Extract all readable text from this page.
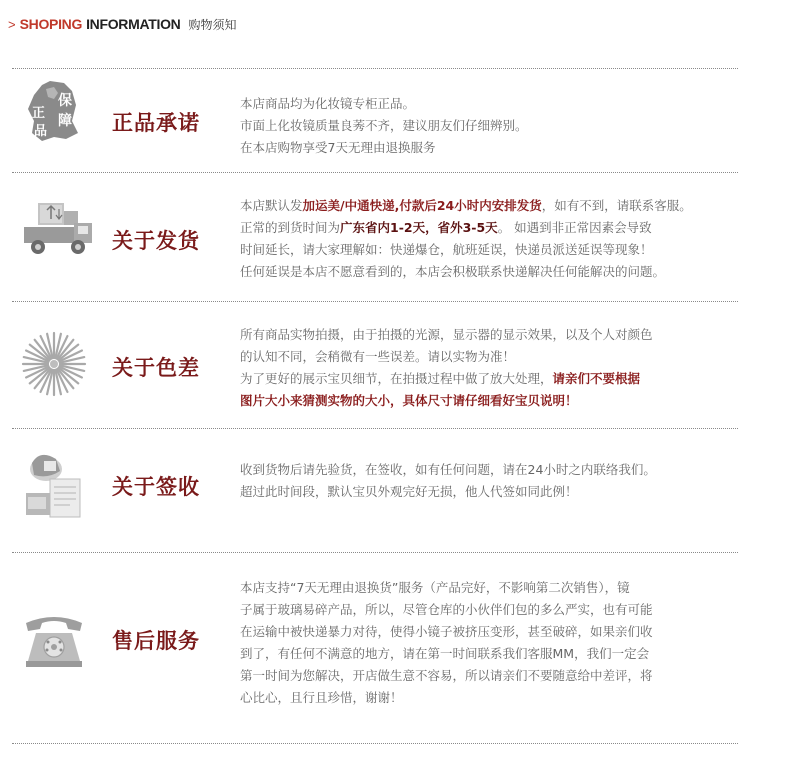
> SHOPING INFORMATION 购物须知
保
正 障
品	正品承诺

本店商品均为化妆镜专柜正品。

市面上化妆镜质量良莠不齐，建议朋友们仔细辨别。

在本店购物享受7天无理由退换服务

关于发货

本店默认发加运美/中通快递,付款后24小时内安排发货，如有不到，请联系客服。

正常的到货时间为广东省内1-2天，省外3-5天。 如遇到非正常因素会导致

时间延长，请大家理解如：快递爆仓，航班延误，快递员派送延误等现象！

任何延误是本店不愿意看到的，本店会积极联系快递解决任何能解决的问题。

关于色差

所有商品实物拍摄，由于拍摄的光源，显示器的显示效果，以及个人对颜色

的认知不同，会稍微有一些误差。请以实物为准！

为了更好的展示宝贝细节，在拍摄过程中做了放大处理，请亲们不要根据

图片大小来猜测实物的大小，具体尺寸请仔细看好宝贝说明！

关于签收

收到货物后请先验货，在签收，如有任何问题，请在24小时之内联络我们。

超过此时间段，默认宝贝外观完好无损，他人代签如同此例！

售后服务

本店支持“7天无理由退换货”服务（产品完好，不影响第二次销售），镜

子属于玻璃易碎产品，所以，尽管仓库的小伙伴们包的多么严实，也有可能

在运输中被快递暴力对待，使得小镜子被挤压变形，甚至破碎，如果亲们收

到了，有任何不满意的地方，请在第一时间联系我们客服MM，我们一定会

第一时间为您解决，开店做生意不容易，所以请亲们不要随意给中差评，将

心比心，且行且珍惜，谢谢！
